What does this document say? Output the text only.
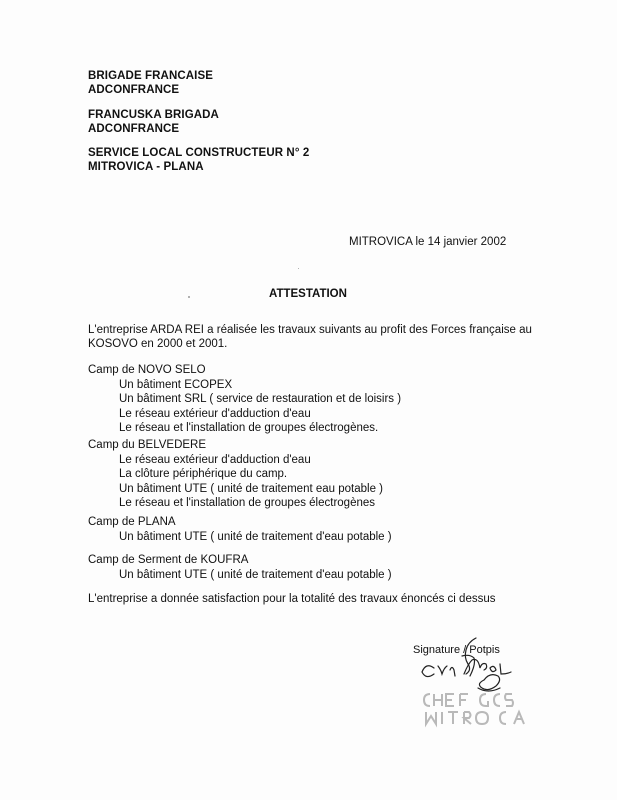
BRIGADE FRANCAISE
ADCONFRANCE
FRANCUSKA BRIGADA
ADCONFRANCE
SERVICE LOCAL CONSTRUCTEUR N° 2
MITROVICA - PLANA
MITROVICA le 14 janvier 2002
ATTESTATION
L'entreprise ARDA REI a réalisée les travaux suivants au profit des Forces française au KOSOVO en 2000 et 2001.
Camp de NOVO SELO
Un bâtiment ECOPEX
Un bâtiment SRL ( service de restauration et de loisirs )
Le réseau extérieur d'adduction d'eau
Le réseau et l'installation de groupes électrogènes.
Camp du BELVEDERE
Le réseau extérieur d'adduction d'eau
La clôture périphérique du camp.
Un bâtiment UTE ( unité de traitement eau potable )
Le réseau et l'installation de groupes électrogènes
Camp de PLANA
Un bâtiment UTE ( unité de traitement d'eau potable )
Camp de Serment de KOUFRA
Un bâtiment UTE ( unité de traitement d'eau potable )
L'entreprise a donnée satisfaction pour la totalité des travaux énoncés ci dessus
Signature / Potpis
